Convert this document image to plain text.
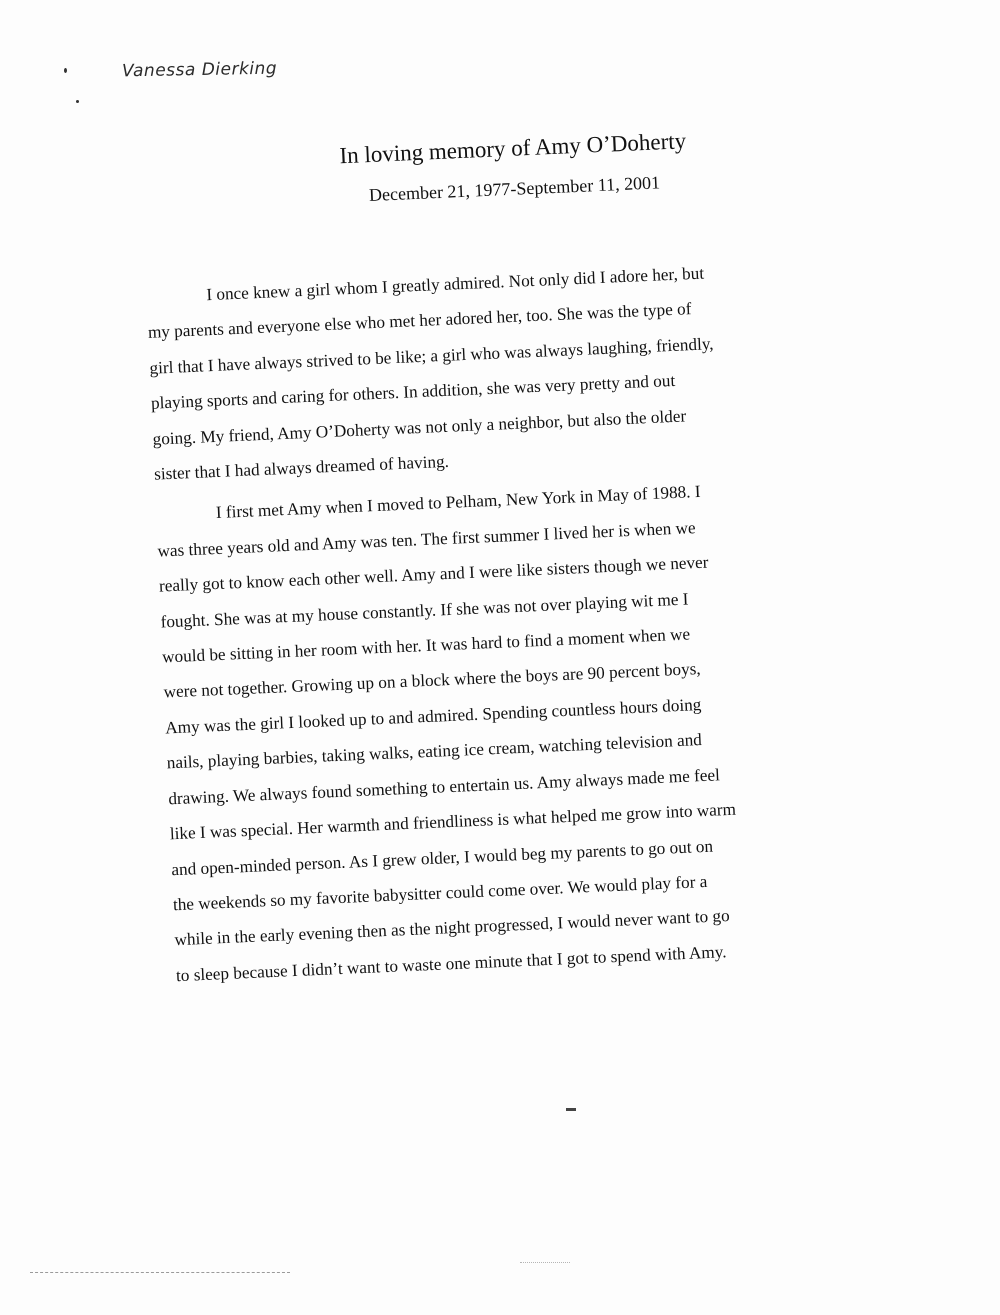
Vanessa Dierking
In loving memory of Amy O’Doherty

December 21, 1977-September 11, 2001

I once knew a girl whom I greatly admired. Not only did I adore her, but
my parents and everyone else who met her adored her, too. She was the type of
girl that I have always strived to be like; a girl who was always laughing, friendly,
playing sports and caring for others. In addition, she was very pretty and out
going. My friend, Amy O’Doherty was not only a neighbor, but also the older
sister that I had always dreamed of having.

I first met Amy when I moved to Pelham, New York in May of 1988. I
was three years old and Amy was ten. The first summer I lived her is when we
really got to know each other well. Amy and I were like sisters though we never
fought. She was at my house constantly. If she was not over playing wit me I
would be sitting in her room with her. It was hard to find a moment when we
were not together. Growing up on a block where the boys are 90 percent boys,
Amy was the girl I looked up to and admired. Spending countless hours doing
nails, playing barbies, taking walks, eating ice cream, watching television and
drawing. We always found something to entertain us. Amy always made me feel
like I was special. Her warmth and friendliness is what helped me grow into warm
and open-minded person. As I grew older, I would beg my parents to go out on
the weekends so my favorite babysitter could come over. We would play for a
while in the early evening then as the night progressed, I would never want to go
to sleep because I didn’t want to waste one minute that I got to spend with Amy.
